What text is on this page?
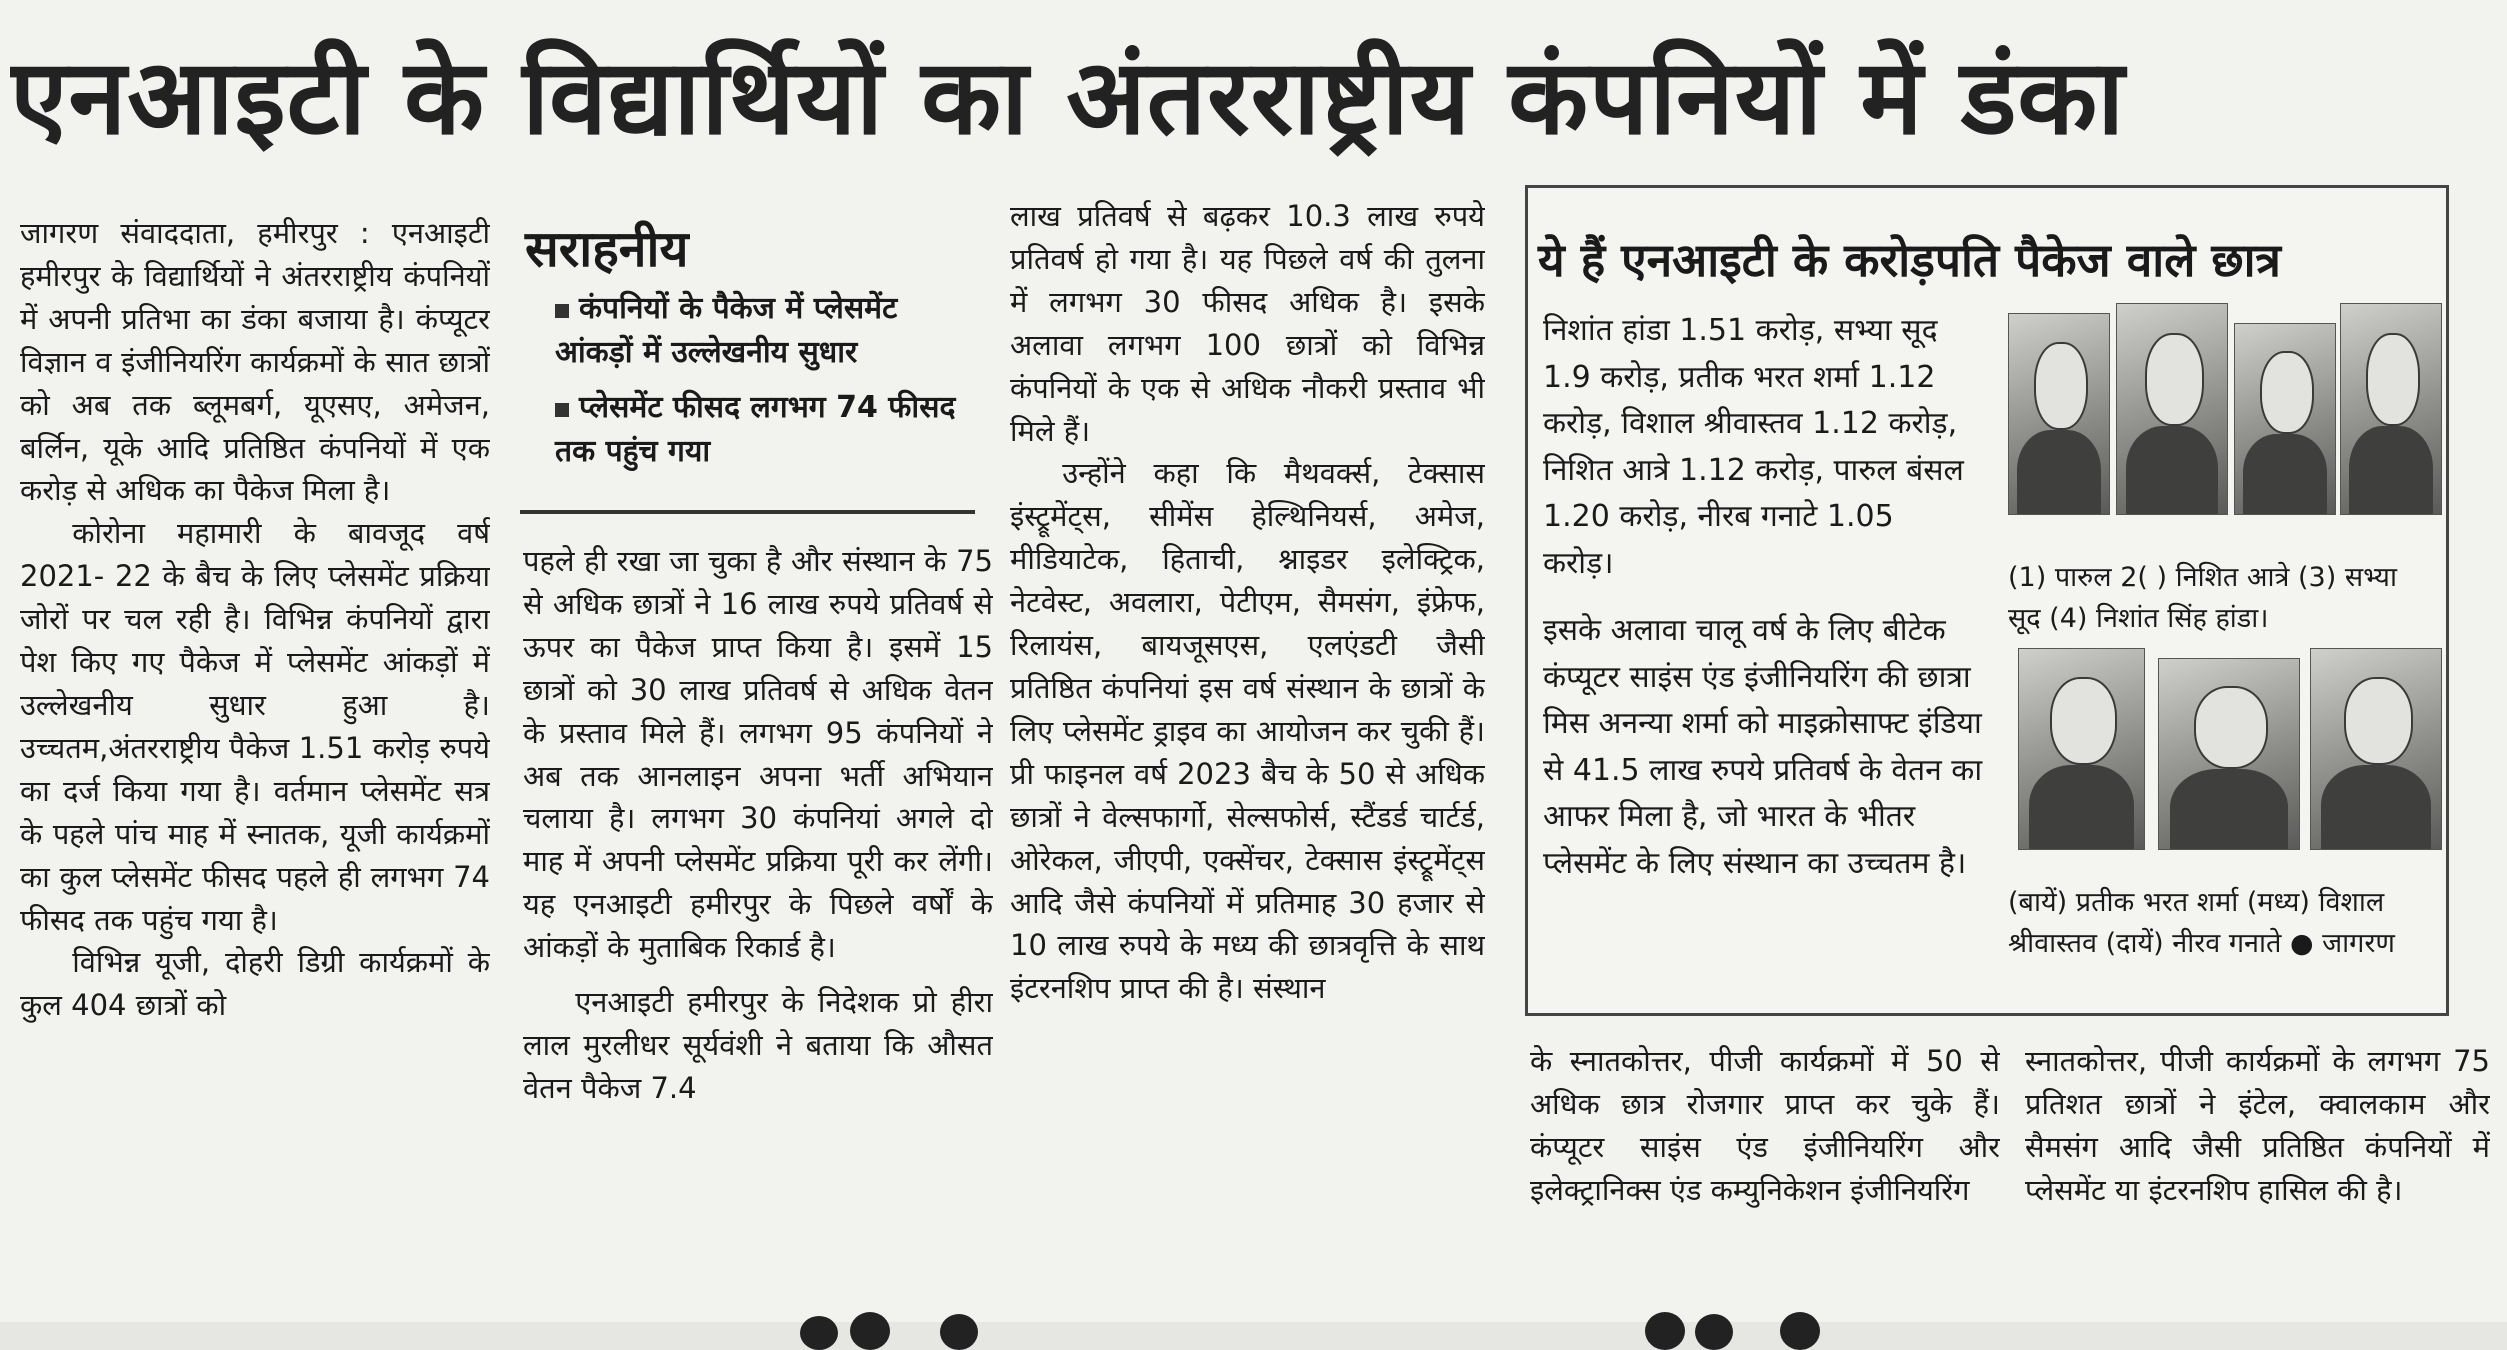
एनआइटी के विद्यार्थियों का अंतरराष्ट्रीय कंपनियों में डंका

जागरण संवाददाता, हमीरपुर : एनआइटी हमीरपुर के विद्यार्थियों ने अंतरराष्ट्रीय कंपनियों में अपनी प्रतिभा का डंका बजाया है। कंप्यूटर विज्ञान व इंजीनियरिंग कार्यक्रमों के सात छात्रों को अब तक ब्लूमबर्ग, यूएसए, अमेजन, बर्लिन, यूके आदि प्रतिष्ठित कंपनियों में एक करोड़ से अधिक का पैकेज मिला है।

कोरोना महामारी के बावजूद वर्ष 2021- 22 के बैच के लिए प्लेसमेंट प्रक्रिया जोरों पर चल रही है। विभिन्न कंपनियों द्वारा पेश किए गए पैकेज में प्लेसमेंट आंकड़ों में उल्लेखनीय सुधार हुआ है। उच्चतम,अंतरराष्ट्रीय पैकेज 1.51 करोड़ रुपये का दर्ज किया गया है। वर्तमान प्लेसमेंट सत्र के पहले पांच माह में स्नातक, यूजी कार्यक्रमों का कुल प्लेसमेंट फीसद पहले ही लगभग 74 फीसद तक पहुंच गया है।

विभिन्न यूजी, दोहरी डिग्री कार्यक्रमों के कुल 404 छात्रों को

सराहनीय
कंपनियों के पैकेज में प्लेसमेंट आंकड़ों में उल्लेखनीय सुधार
प्लेसमेंट फीसद लगभग 74 फीसद तक पहुंच गया

पहले ही रखा जा चुका है और संस्थान के 75 से अधिक छात्रों ने 16 लाख रुपये प्रतिवर्ष से ऊपर का पैकेज प्राप्त किया है। इसमें 15 छात्रों को 30 लाख प्रतिवर्ष से अधिक वेतन के प्रस्ताव मिले हैं। लगभग 95 कंपनियों ने अब तक आनलाइन अपना भर्ती अभियान चलाया है। लगभग 30 कंपनियां अगले दो माह में अपनी प्लेसमेंट प्रक्रिया पूरी कर लेंगी। यह एनआइटी हमीरपुर के पिछले वर्षों के आंकड़ों के मुताबिक रिकार्ड है।

एनआइटी हमीरपुर के निदेशक प्रो हीरा लाल मुरलीधर सूर्यवंशी ने बताया कि औसत वेतन पैकेज 7.4

लाख प्रतिवर्ष से बढ़कर 10.3 लाख रुपये प्रतिवर्ष हो गया है। यह पिछले वर्ष की तुलना में लगभग 30 फीसद अधिक है। इसके अलावा लगभग 100 छात्रों को विभिन्न कंपनियों के एक से अधिक नौकरी प्रस्ताव भी मिले हैं।

उन्होंने कहा कि मैथवर्क्स, टेक्सास इंस्ट्रूमेंट्स, सीमेंस हेल्थिनियर्स, अमेज, मीडियाटेक, हिताची, श्नाइडर इलेक्ट्रिक, नेटवेस्ट, अवलारा, पेटीएम, सैमसंग, इंफ्रेफ, रिलायंस, बायजूसएस, एलएंडटी जैसी प्रतिष्ठित कंपनियां इस वर्ष संस्थान के छात्रों के लिए प्लेसमेंट ड्राइव का आयोजन कर चुकी हैं। प्री फाइनल वर्ष 2023 बैच के 50 से अधिक छात्रों ने वेल्सफार्गो, सेल्सफोर्स, स्टैंडर्ड चार्टर्ड, ओरेकल, जीएपी, एक्सेंचर, टेक्सास इंस्ट्रूमेंट्स आदि जैसे कंपनियों में प्रतिमाह 30 हजार से 10 लाख रुपये के मध्य की छात्रवृत्ति के साथ इंटरनशिप प्राप्त की है। संस्थान

ये हैं एनआइटी के करोड़पति पैकेज वाले छात्र
निशांत हांडा 1.51 करोड़, सभ्या सूद 1.9 करोड़, प्रतीक भरत शर्मा 1.12 करोड़, विशाल श्रीवास्तव 1.12 करोड़, निशित आत्रे 1.12 करोड़, पारुल बंसल 1.20 करोड़, नीरब गनाटे 1.05 करोड़।
इसके अलावा चालू वर्ष के लिए बीटेक कंप्यूटर साइंस एंड इंजीनियरिंग की छात्रा मिस अनन्या शर्मा को माइक्रोसाफ्ट इंडिया से 41.5 लाख रुपये प्रतिवर्ष के वेतन का आफर मिला है, जो भारत के भीतर प्लेसमेंट के लिए संस्थान का उच्चतम है।
(1) पारुल 2( ) निशित आत्रे (3) सभ्या सूद (4) निशांत सिंह हांडा।
(बायें) प्रतीक भरत शर्मा (मध्य) विशाल श्रीवास्तव (दायें) नीरव गनाते ● जागरण

के स्नातकोत्तर, पीजी कार्यक्रमों में 50 से अधिक छात्र रोजगार प्राप्त कर चुके हैं। कंप्यूटर साइंस एंड इंजीनियरिंग और इलेक्ट्रानिक्स एंड कम्युनिकेशन इंजीनियरिंग

स्नातकोत्तर, पीजी कार्यक्रमों के लगभग 75 प्रतिशत छात्रों ने इंटेल, क्वालकाम और सैमसंग आदि जैसी प्रतिष्ठित कंपनियों में प्लेसमेंट या इंटरनशिप हासिल की है।
